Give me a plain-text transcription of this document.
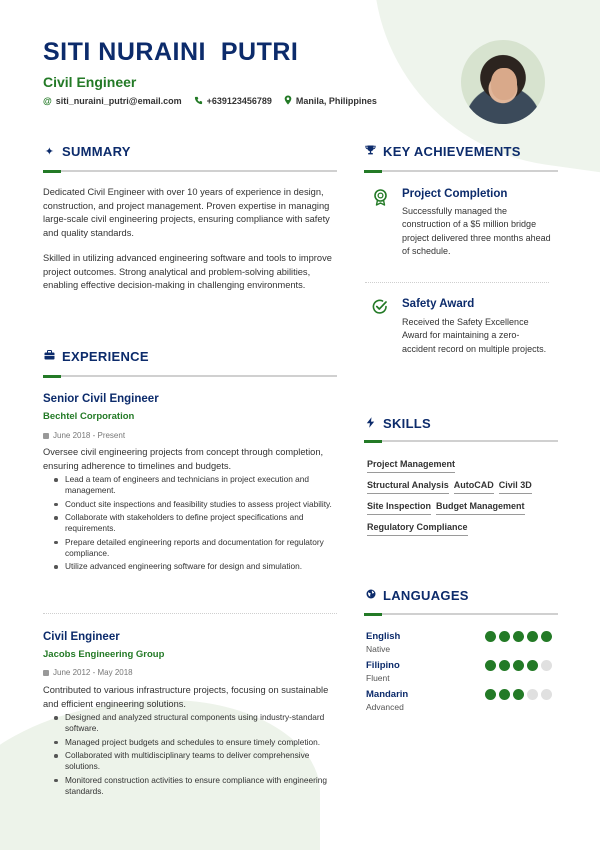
SITI NURAINI  PUTRI
Civil Engineer
@ siti_nuraini_putri@email.com	+639123456789	Manila, Philippines
✦ SUMMARY
Dedicated Civil Engineer with over 10 years of experience in design, construction, and project management. Proven expertise in managing large-scale civil engineering projects, ensuring compliance with safety and quality standards.
Skilled in utilizing advanced engineering software and tools to improve project outcomes. Strong analytical and problem-solving abilities, enabling effective decision-making in challenging environments.
EXPERIENCE
Senior Civil Engineer
Bechtel Corporation
June 2018 - Present
Oversee civil engineering projects from concept through completion, ensuring adherence to timelines and budgets.
Lead a team of engineers and technicians in project execution and management.
Conduct site inspections and feasibility studies to assess project viability.
Collaborate with stakeholders to define project specifications and requirements.
Prepare detailed engineering reports and documentation for regulatory compliance.
Utilize advanced engineering software for design and simulation.
Civil Engineer
Jacobs Engineering Group
June 2012 - May 2018
Contributed to various infrastructure projects, focusing on sustainable and efficient engineering solutions.
Designed and analyzed structural components using industry-standard software.
Managed project budgets and schedules to ensure timely completion.
Collaborated with multidisciplinary teams to deliver comprehensive solutions.
Monitored construction activities to ensure compliance with engineering standards.
KEY ACHIEVEMENTS
Project Completion
Successfully managed the construction of a $5 million bridge project delivered three months ahead of schedule.
Safety Award
Received the Safety Excellence Award for maintaining a zero-accident record on multiple projects.
SKILLS
Project Management
Structural Analysis AutoCAD Civil 3D
Site Inspection Budget Management
Regulatory Compliance
LANGUAGES
English
Native
Filipino
Fluent
Mandarin
Advanced
